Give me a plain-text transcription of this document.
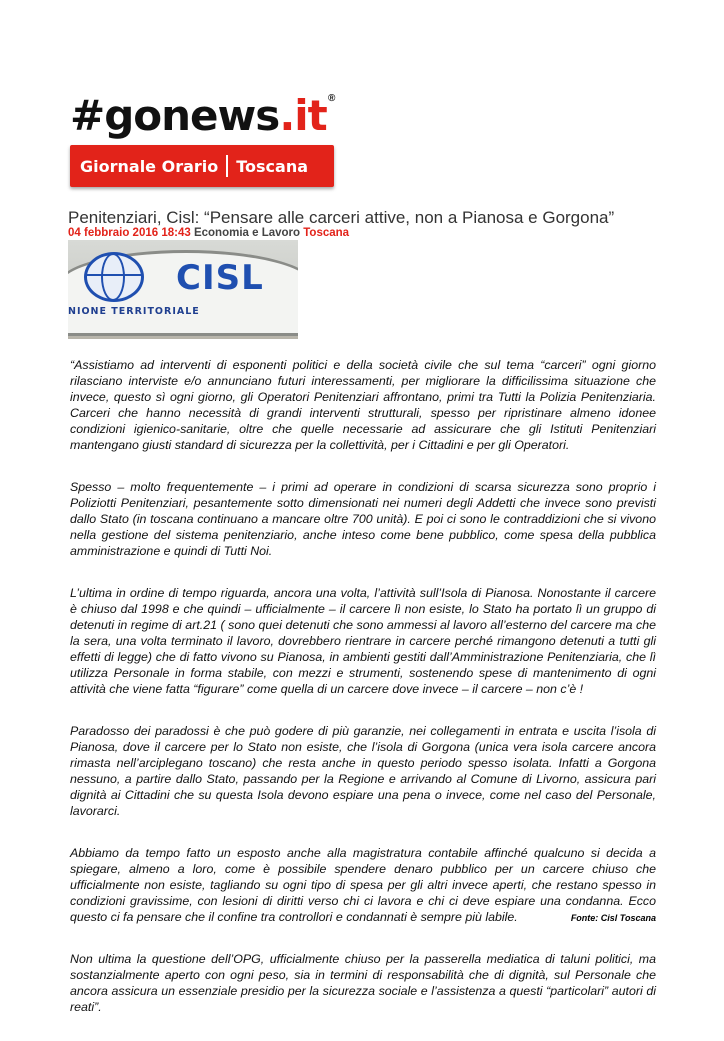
#gonews.it ®
Giornale Orario Toscana
Penitenziari, Cisl: “Pensare alle carceri attive, non a Pianosa e Gorgona”
04 febbraio 2016 18:43 Economia e Lavoro Toscana
CISL
NIONE TERRITORIALE

“Assistiamo ad interventi di esponenti politici e della società civile che sul tema “carceri” ogni giorno rilasciano interviste e/o annunciano futuri interessamenti, per migliorare la difficilissima situazione che invece, questo sì ogni giorno, gli Operatori Penitenziari affrontano, primi tra Tutti la Polizia Penitenziaria. Carceri che hanno necessità di grandi interventi strutturali, spesso per ripristinare almeno idonee condizioni igienico-sanitarie, oltre che quelle necessarie ad assicurare che gli Istituti Penitenziari mantengano giusti standard di sicurezza per la collettività, per i Cittadini e per gli Operatori.

Spesso – molto frequentemente – i primi ad operare in condizioni di scarsa sicurezza sono proprio i Poliziotti Penitenziari, pesantemente sotto dimensionati nei numeri degli Addetti che invece sono previsti dallo Stato (in toscana continuano a mancare oltre 700 unità). E poi ci sono le contraddizioni che si vivono nella gestione del sistema penitenziario, anche inteso come bene pubblico, come spesa della pubblica amministrazione e quindi di Tutti Noi.

L’ultima in ordine di tempo riguarda, ancora una volta, l’attività sull’Isola di Pianosa. Nonostante il carcere è chiuso dal 1998 e che quindi – ufficialmente – il carcere lì non esiste, lo Stato ha portato lì un gruppo di detenuti in regime di art.21 ( sono quei detenuti che sono ammessi al lavoro all’esterno del carcere ma che la sera, una volta terminato il lavoro, dovrebbero rientrare in carcere perché rimangono detenuti a tutti gli effetti di legge) che di fatto vivono su Pianosa, in ambienti gestiti dall’Amministrazione Penitenziaria, che lì utilizza Personale in forma stabile, con mezzi e strumenti, sostenendo spese di mantenimento di ogni attività che viene fatta “figurare” come quella di un carcere dove invece – il carcere – non c’è !

Paradosso dei paradossi è che può godere di più garanzie, nei collegamenti in entrata e uscita l’isola di Pianosa, dove il carcere per lo Stato non esiste, che l’isola di Gorgona (unica vera isola carcere ancora rimasta nell’arciplegano toscano) che resta anche in questo periodo spesso isolata. Infatti a Gorgona nessuno, a partire dallo Stato, passando per la Regione e arrivando al Comune di Livorno, assicura pari dignità ai Cittadini che su questa Isola devono espiare una pena o invece, come nel caso del Personale, lavorarci.

Abbiamo da tempo fatto un esposto anche alla magistratura contabile affinché qualcuno si decida a spiegare, almeno a loro, come è possibile spendere denaro pubblico per un carcere chiuso che ufficialmente non esiste, tagliando su ogni tipo di spesa per gli altri invece aperti, che restano spesso in condizioni gravissime, con lesioni di diritti verso chi ci lavora e chi ci deve espiare una condanna. Ecco questo ci fa pensare che il confine tra controllori e condannati è sempre più labile.

Non ultima la questione dell’OPG, ufficialmente chiuso per la passerella mediatica di taluni politici, ma sostanzialmente aperto con ogni peso, sia in termini di responsabilità che di dignità, sul Personale che ancora assicura un essenziale presidio per la sicurezza sociale e l’assistenza a questi “particolari” autori di reati”.

Fonte: Cisl Toscana
